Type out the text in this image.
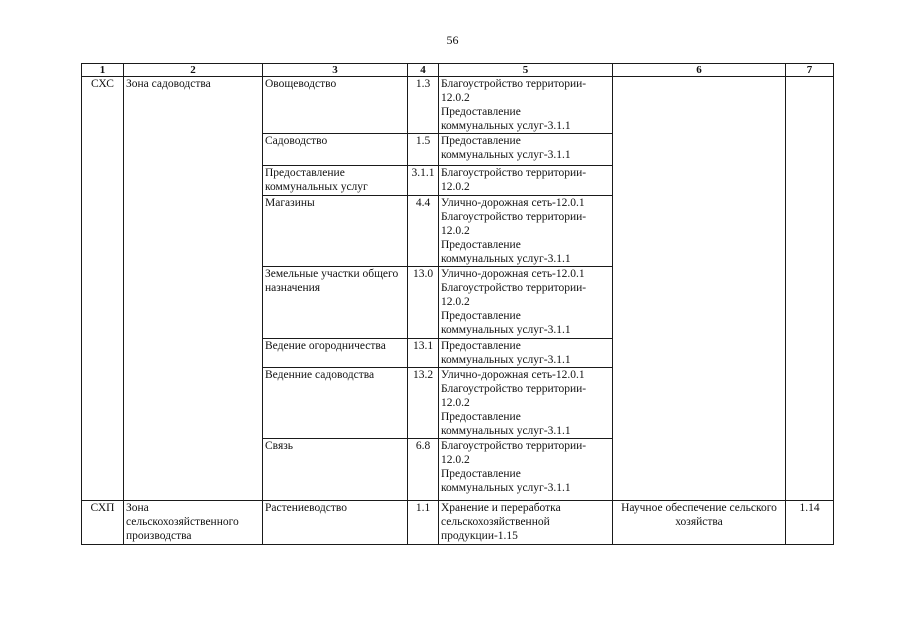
56
1	2	3	4	5	6	7
СХС	Зона садоводства	Овощеводство	1.3	Благоустройство территории-
12.0.2
Предоставление
коммунальных услуг-3.1.1		

		Садоводство	1.5	Предоставление
коммунальных услуг-3.1.1		

		Предоставление коммунальных услуг	3.1.1	Благоустройство территории-
12.0.2		

		Магазины	4.4	Улично-дорожная сеть-12.0.1
Благоустройство территории-
12.0.2
Предоставление
коммунальных услуг-3.1.1		

		Земельные участки общего назначения	13.0	Улично-дорожная сеть-12.0.1
Благоустройство территории-
12.0.2
Предоставление
коммунальных услуг-3.1.1		

		Ведение огородничества	13.1	Предоставление
коммунальных услуг-3.1.1		

		Веденние садоводства	13.2	Улично-дорожная сеть-12.0.1
Благоустройство территории-
12.0.2
Предоставление
коммунальных услуг-3.1.1		

		Связь	6.8	Благоустройство территории-
12.0.2
Предоставление
коммунальных услуг-3.1.1		

СХП	Зона сельскохозяйственного производства	Растениеводство	1.1	Хранение и переработка
сельскохозяйственной
продукции-1.15	Научное обеспечение сельского хозяйства	1.14
